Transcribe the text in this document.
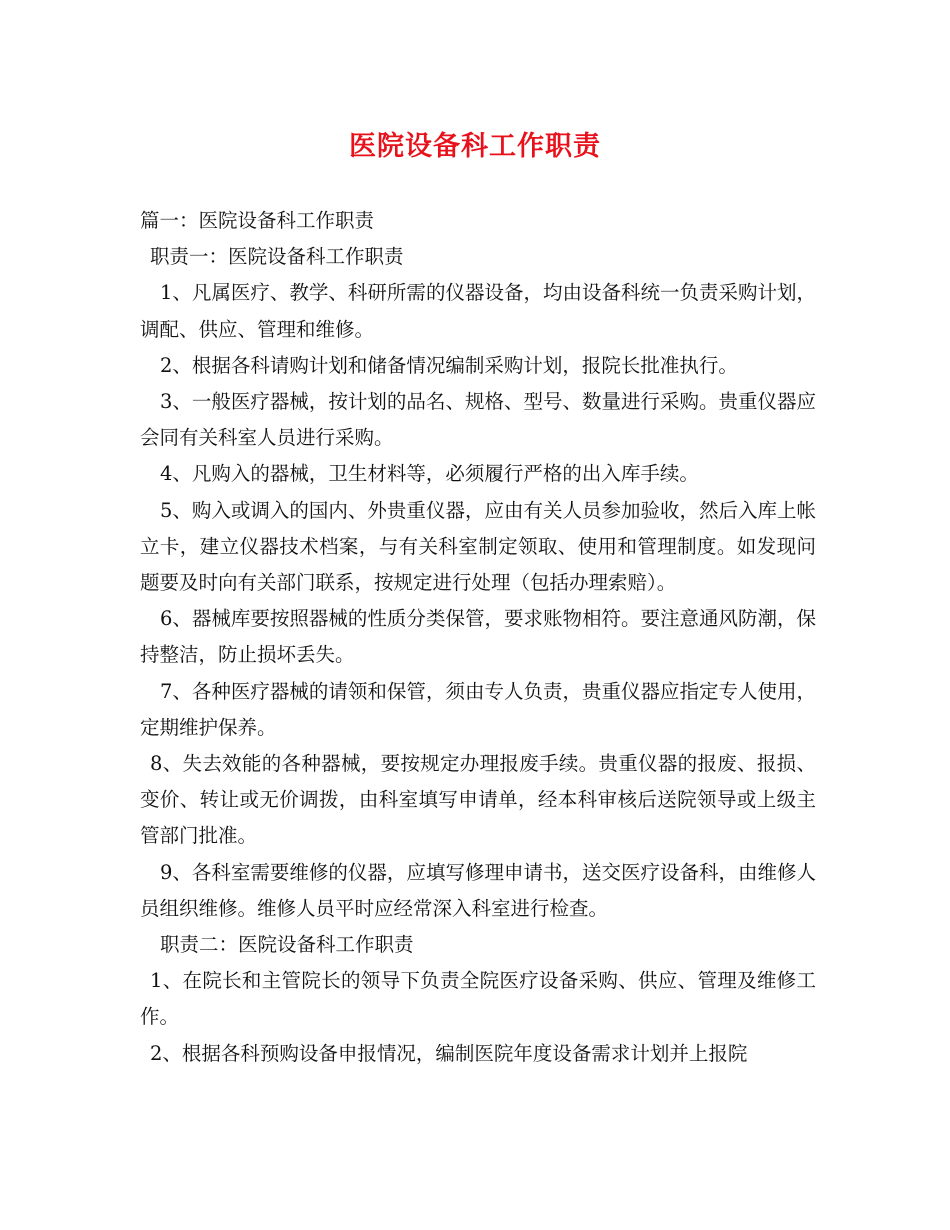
医院设备科工作职责

篇一：医院设备科工作职责

职责一：医院设备科工作职责

1、凡属医疗、教学、科研所需的仪器设备，均由设备科统一负责采购计划，调配、供应、管理和维修。

2、根据各科请购计划和储备情况编制采购计划，报院长批准执行。

3、一般医疗器械，按计划的品名、规格、型号、数量进行采购。贵重仪器应会同有关科室人员进行采购。

4、凡购入的器械，卫生材料等，必须履行严格的出入库手续。

5、购入或调入的国内、外贵重仪器，应由有关人员参加验收，然后入库上帐立卡，建立仪器技术档案，与有关科室制定领取、使用和管理制度。如发现问题要及时向有关部门联系，按规定进行处理（包括办理索赔）。

6、器械库要按照器械的性质分类保管，要求账物相符。要注意通风防潮，保持整洁，防止损坏丢失。

7、各种医疗器械的请领和保管，须由专人负责，贵重仪器应指定专人使用，定期维护保养。

8、失去效能的各种器械，要按规定办理报废手续。贵重仪器的报废、报损、变价、转让或无价调拨，由科室填写申请单，经本科审核后送院领导或上级主管部门批准。

9、各科室需要维修的仪器，应填写修理申请书，送交医疗设备科，由维修人员组织维修。维修人员平时应经常深入科室进行检查。

职责二：医院设备科工作职责

1、在院长和主管院长的领导下负责全院医疗设备采购、供应、管理及维修工作。

2、根据各科预购设备申报情况，编制医院年度设备需求计划并上报院
